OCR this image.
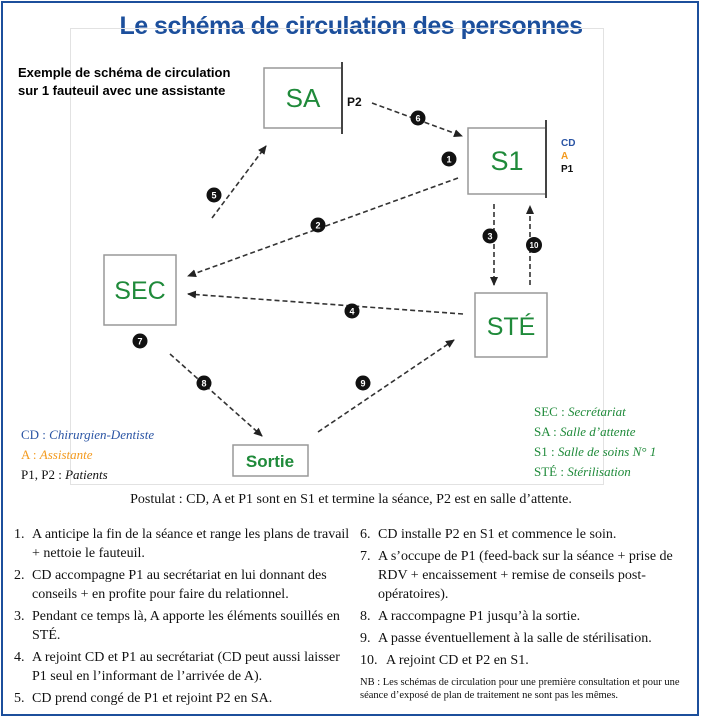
Le schéma de circulation des personnes
Exemple de schéma de circulation
sur 1 fauteuil avec une assistante SA
S1
SEC
STÉ
Sortie
P2
CD
A
P1
1
2
3
4
5
6
7
8	9
10
CD : Chirurgien-Dentiste
A : Assistante
P1, P2 : Patients
SEC : Secrétariat
SA : Salle d’attente
S1 : Salle de soins N° 1
STÉ : Stérilisation
Postulat : CD, A et P1 sont en S1 et termine la séance, P2 est en salle d’attente.
1. A anticipe la fin de la séance et range les plans de travail + nettoie le fauteuil.
2. CD accompagne P1 au secrétariat en lui donnant des conseils + en profite pour faire du relationnel.
3. Pendant ce temps là, A apporte les éléments souillés en STÉ.
4. A rejoint CD et P1 au secrétariat (CD peut aussi laisser P1 seul en l’informant de l’arrivée de A).
5. CD prend congé de P1 et rejoint P2 en SA.
6. CD installe P2 en S1 et commence le soin.
7. A s’occupe de P1 (feed-back sur la séance + prise de RDV + encaissement + remise de conseils post-opératoires).
8. A raccompagne P1 jusqu’à la sortie.
9. A passe éventuellement à la salle de stérilisation.
10. A rejoint CD et P2 en S1.
NB : Les schémas de circulation pour une première consultation et pour une séance d’exposé de plan de traitement ne sont pas les mêmes.
